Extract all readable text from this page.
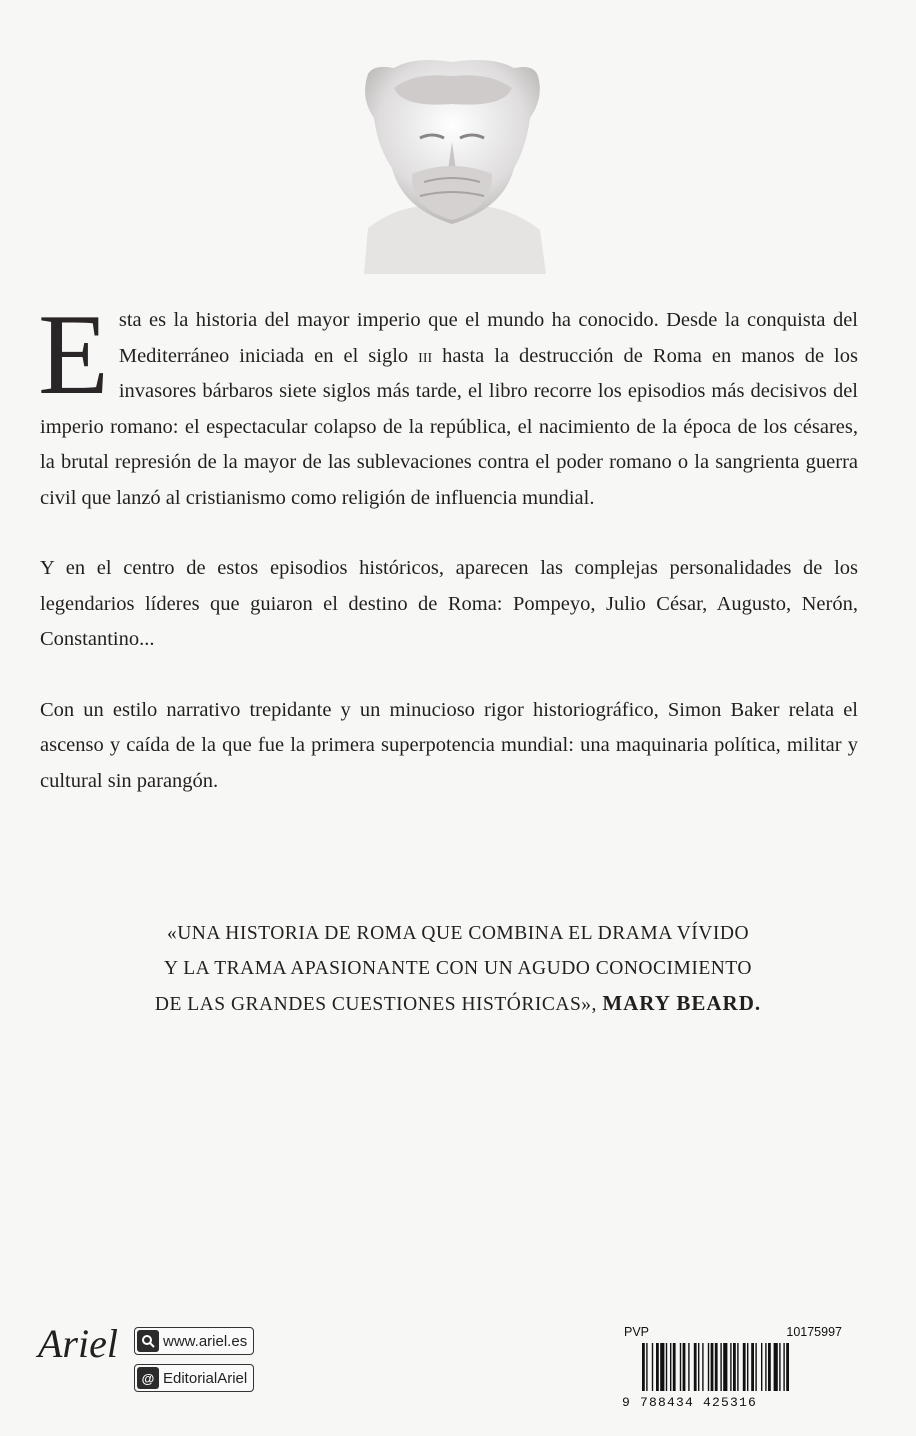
Esta es la historia del mayor imperio que el mundo ha conocido. Desde la conquista del Mediterráneo iniciada en el siglo iii hasta la destrucción de Roma en manos de los invasores bárbaros siete siglos más tarde, el libro recorre los episodios más decisivos del imperio romano: el espectacular colapso de la república, el nacimiento de la época de los césares, la brutal represión de la mayor de las sublevaciones contra el poder romano o la sangrienta guerra civil que lanzó al cristianismo como religión de influencia mundial.

Y en el centro de estos episodios históricos, aparecen las complejas personalidades de los legendarios líderes que guiaron el destino de Roma: Pompeyo, Julio César, Augusto, Nerón, Constantino...

Con un estilo narrativo trepidante y un minucioso rigor historiográfico, Simon Baker relata el ascenso y caída de la que fue la primera superpotencia mundial: una maquinaria política, militar y cultural sin parangón.

«UNA HISTORIA DE ROMA QUE COMBINA EL DRAMA VÍVIDO
Y LA TRAMA APASIONANTE CON UN AGUDO CONOCIMIENTO
DE LAS GRANDES CUESTIONES HISTÓRICAS», MARY BEARD.
Ariel	www.ariel.es
@ EditorialAriel
PVP	10175997
9 788434 425316
